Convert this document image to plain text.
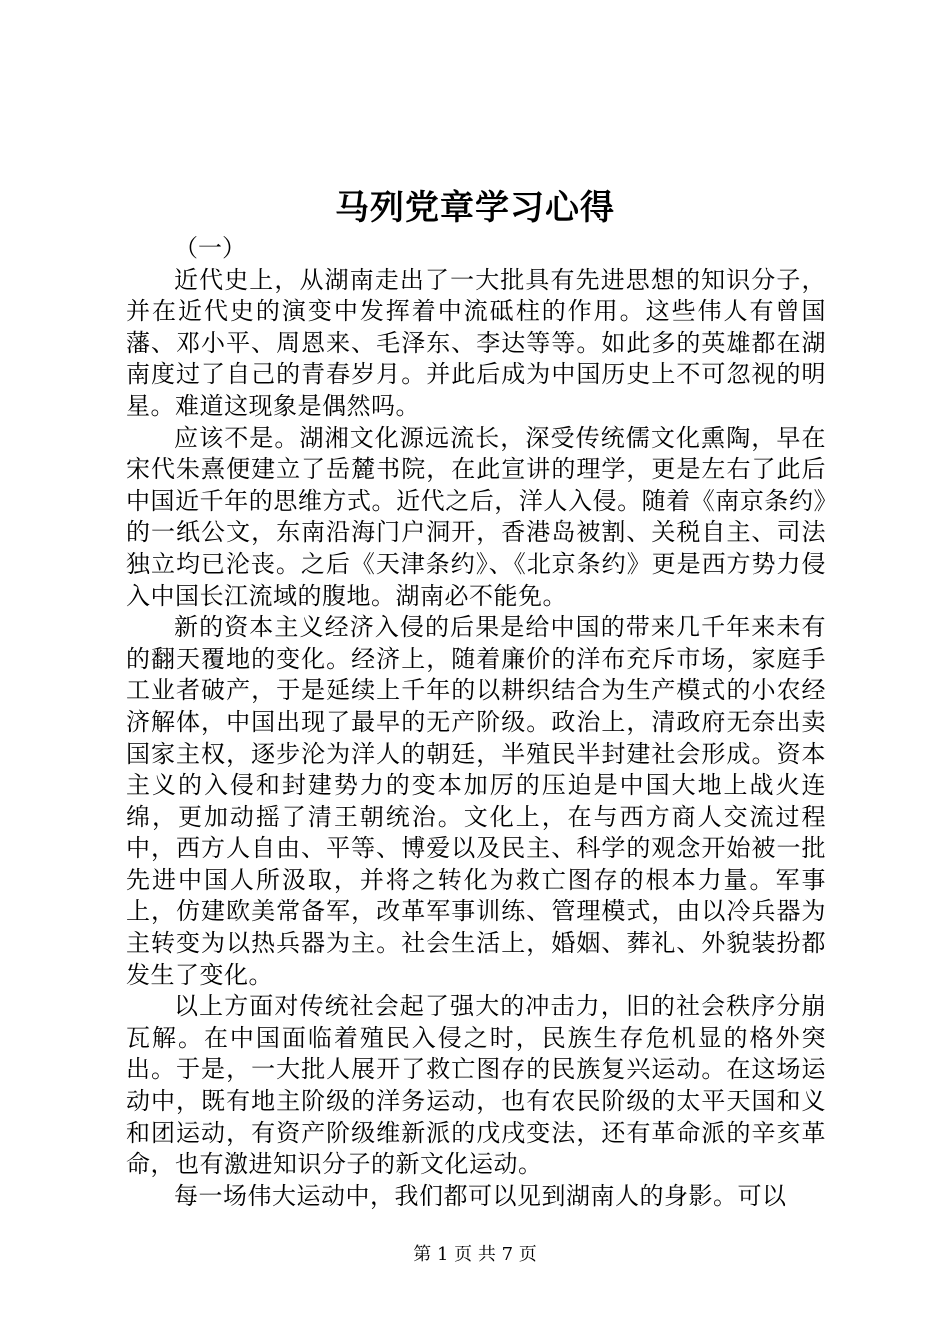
马列党章学习心得

（一）

近代史上，从湖南走出了一大批具有先进思想的知识分子，并在近代史的演变中发挥着中流砥柱的作用。这些伟人有曾国藩、邓小平、周恩来、毛泽东、李达等等。如此多的英雄都在湖南度过了自己的青春岁月。并此后成为中国历史上不可忽视的明星。难道这现象是偶然吗。

应该不是。湖湘文化源远流长，深受传统儒文化熏陶，早在宋代朱熹便建立了岳麓书院，在此宣讲的理学，更是左右了此后中国近千年的思维方式。近代之后，洋人入侵。随着《南京条约》的一纸公文，东南沿海门户洞开，香港岛被割、关税自主、司法独立均已沦丧。之后《天津条约》、《北京条约》更是西方势力侵入中国长江流域的腹地。湖南必不能免。

新的资本主义经济入侵的后果是给中国的带来几千年来未有的翻天覆地的变化。经济上，随着廉价的洋布充斥市场，家庭手工业者破产，于是延续上千年的以耕织结合为生产模式的小农经济解体，中国出现了最早的无产阶级。政治上，清政府无奈出卖国家主权，逐步沦为洋人的朝廷，半殖民半封建社会形成。资本主义的入侵和封建势力的变本加厉的压迫是中国大地上战火连绵，更加动摇了清王朝统治。文化上，在与西方商人交流过程中，西方人自由、平等、博爱以及民主、科学的观念开始被一批先进中国人所汲取，并将之转化为救亡图存的根本力量。军事上，仿建欧美常备军，改革军事训练、管理模式，由以冷兵器为主转变为以热兵器为主。社会生活上，婚姻、葬礼、外貌装扮都发生了变化。

以上方面对传统社会起了强大的冲击力，旧的社会秩序分崩瓦解。在中国面临着殖民入侵之时，民族生存危机显的格外突出。于是，一大批人展开了救亡图存的民族复兴运动。在这场运动中，既有地主阶级的洋务运动，也有农民阶级的太平天国和义和团运动，有资产阶级维新派的戊戌变法，还有革命派的辛亥革命，也有激进知识分子的新文化运动。

每一场伟大运动中，我们都可以见到湖南人的身影。可以

第 1 页 共 7 页
